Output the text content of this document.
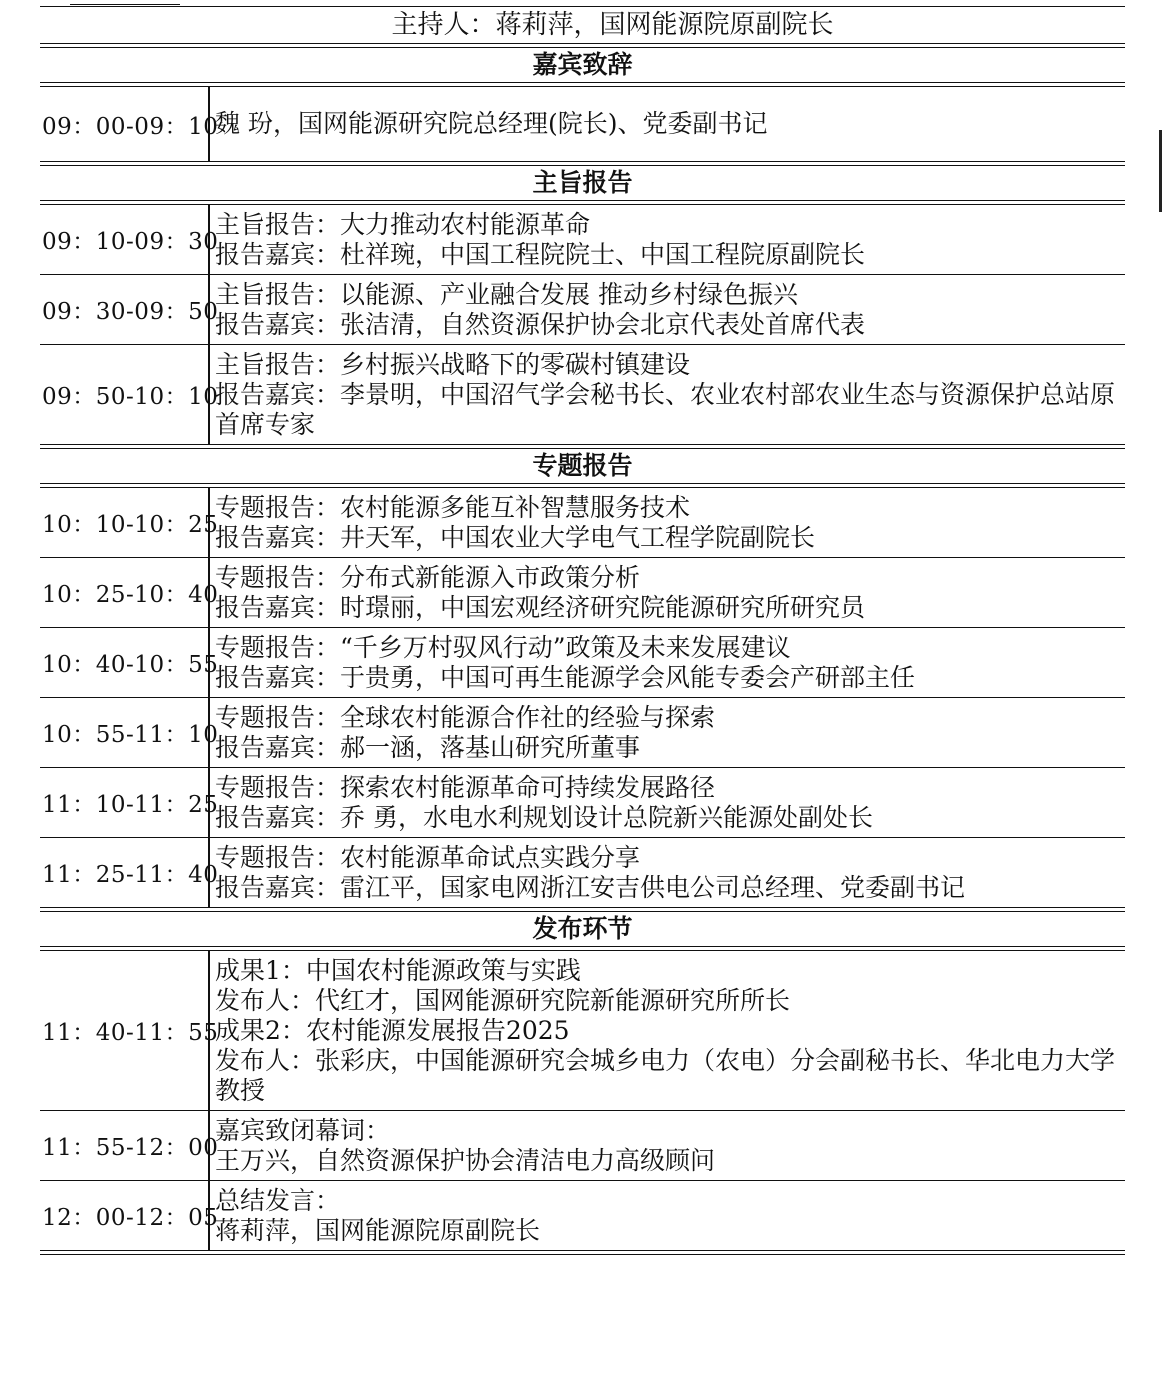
主持人：蒋莉萍，国网能源院原副院长
嘉宾致辞
09：00-09：10
魏 玢，国网能源研究院总经理(院长)、党委副书记
主旨报告
09：10-09：30
主旨报告：大力推动农村能源革命
报告嘉宾：杜祥琬，中国工程院院士、中国工程院原副院长
09：30-09：50
主旨报告：以能源、产业融合发展 推动乡村绿色振兴
报告嘉宾：张洁清，自然资源保护协会北京代表处首席代表
09：50-10：10
主旨报告：乡村振兴战略下的零碳村镇建设
报告嘉宾：李景明，中国沼气学会秘书长、农业农村部农业生态与资源保护总站原首席专家
专题报告
10：10-10：25
专题报告：农村能源多能互补智慧服务技术
报告嘉宾：井天军，中国农业大学电气工程学院副院长
10：25-10：40
专题报告：分布式新能源入市政策分析
报告嘉宾：时璟丽，中国宏观经济研究院能源研究所研究员
10：40-10：55
专题报告：“千乡万村驭风行动”政策及未来发展建议
报告嘉宾：于贵勇，中国可再生能源学会风能专委会产研部主任
10：55-11：10
专题报告：全球农村能源合作社的经验与探索
报告嘉宾：郝一涵，落基山研究所董事
11：10-11：25
专题报告：探索农村能源革命可持续发展路径
报告嘉宾：乔 勇，水电水利规划设计总院新兴能源处副处长
11：25-11：40
专题报告：农村能源革命试点实践分享
报告嘉宾：雷江平，国家电网浙江安吉供电公司总经理、党委副书记
发布环节
11：40-11：55
成果1：中国农村能源政策与实践
发布人：代红才，国网能源研究院新能源研究所所长
成果2：农村能源发展报告2025
发布人：张彩庆，中国能源研究会城乡电力（农电）分会副秘书长、华北电力大学教授
11：55-12：00
嘉宾致闭幕词：
王万兴，自然资源保护协会清洁电力高级顾问
12：00-12：05
总结发言：
蒋莉萍，国网能源院原副院长
